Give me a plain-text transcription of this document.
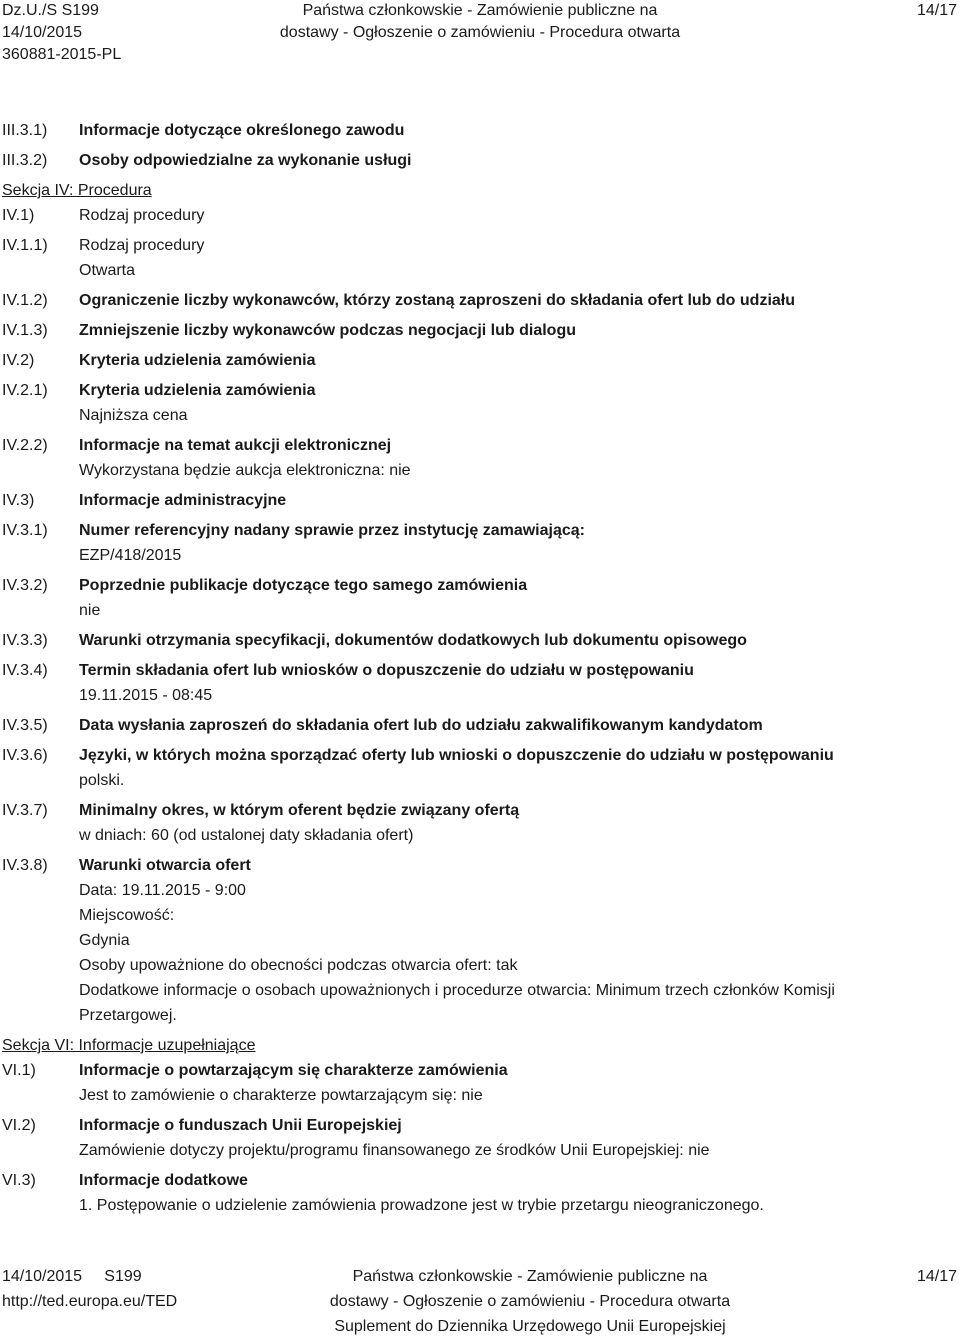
Dz.U./S S199
14/10/2015
360881-2015-PL
Państwa członkowskie - Zamówienie publiczne na
dostawy - Ogłoszenie o zamówieniu - Procedura otwarta
14/17
III.3.1)	Informacje dotyczące określonego zawodu
III.3.2)	Osoby odpowiedzialne za wykonanie usługi
Sekcja IV: Procedura
IV.1)	Rodzaj procedury
IV.1.1)	Rodzaj procedury
Otwarta
IV.1.2)	Ograniczenie liczby wykonawców, którzy zostaną zaproszeni do składania ofert lub do udziału
IV.1.3)	Zmniejszenie liczby wykonawców podczas negocjacji lub dialogu
IV.2)	Kryteria udzielenia zamówienia
IV.2.1)	Kryteria udzielenia zamówienia
Najniższa cena
IV.2.2)	Informacje na temat aukcji elektronicznej
Wykorzystana będzie aukcja elektroniczna: nie
IV.3)	Informacje administracyjne
IV.3.1)	Numer referencyjny nadany sprawie przez instytucję zamawiającą:
EZP/418/2015
IV.3.2)	Poprzednie publikacje dotyczące tego samego zamówienia
nie
IV.3.3)	Warunki otrzymania specyfikacji, dokumentów dodatkowych lub dokumentu opisowego
IV.3.4)	Termin składania ofert lub wniosków o dopuszczenie do udziału w postępowaniu
19.11.2015 - 08:45
IV.3.5)	Data wysłania zaproszeń do składania ofert lub do udziału zakwalifikowanym kandydatom
IV.3.6)	Języki, w których można sporządzać oferty lub wnioski o dopuszczenie do udziału w postępowaniu
polski.
IV.3.7)	Minimalny okres, w którym oferent będzie związany ofertą
w dniach: 60 (od ustalonej daty składania ofert)
IV.3.8)	Warunki otwarcia ofert
Data: 19.11.2015 - 9:00
Miejscowość:
Gdynia
Osoby upoważnione do obecności podczas otwarcia ofert: tak
Dodatkowe informacje o osobach upoważnionych i procedurze otwarcia: Minimum trzech członków Komisji
Przetargowej.
Sekcja VI: Informacje uzupełniające
VI.1)	Informacje o powtarzającym się charakterze zamówienia
Jest to zamówienie o charakterze powtarzającym się: nie
VI.2)	Informacje o funduszach Unii Europejskiej
Zamówienie dotyczy projektu/programu finansowanego ze środków Unii Europejskiej: nie
VI.3)	Informacje dodatkowe
1. Postępowanie o udzielenie zamówienia prowadzone jest w trybie przetargu nieograniczonego.
14/10/2015     S199
http://ted.europa.eu/TED
Państwa członkowskie - Zamówienie publiczne na
dostawy - Ogłoszenie o zamówieniu - Procedura otwarta
Suplement do Dziennika Urzędowego Unii Europejskiej
14/17
